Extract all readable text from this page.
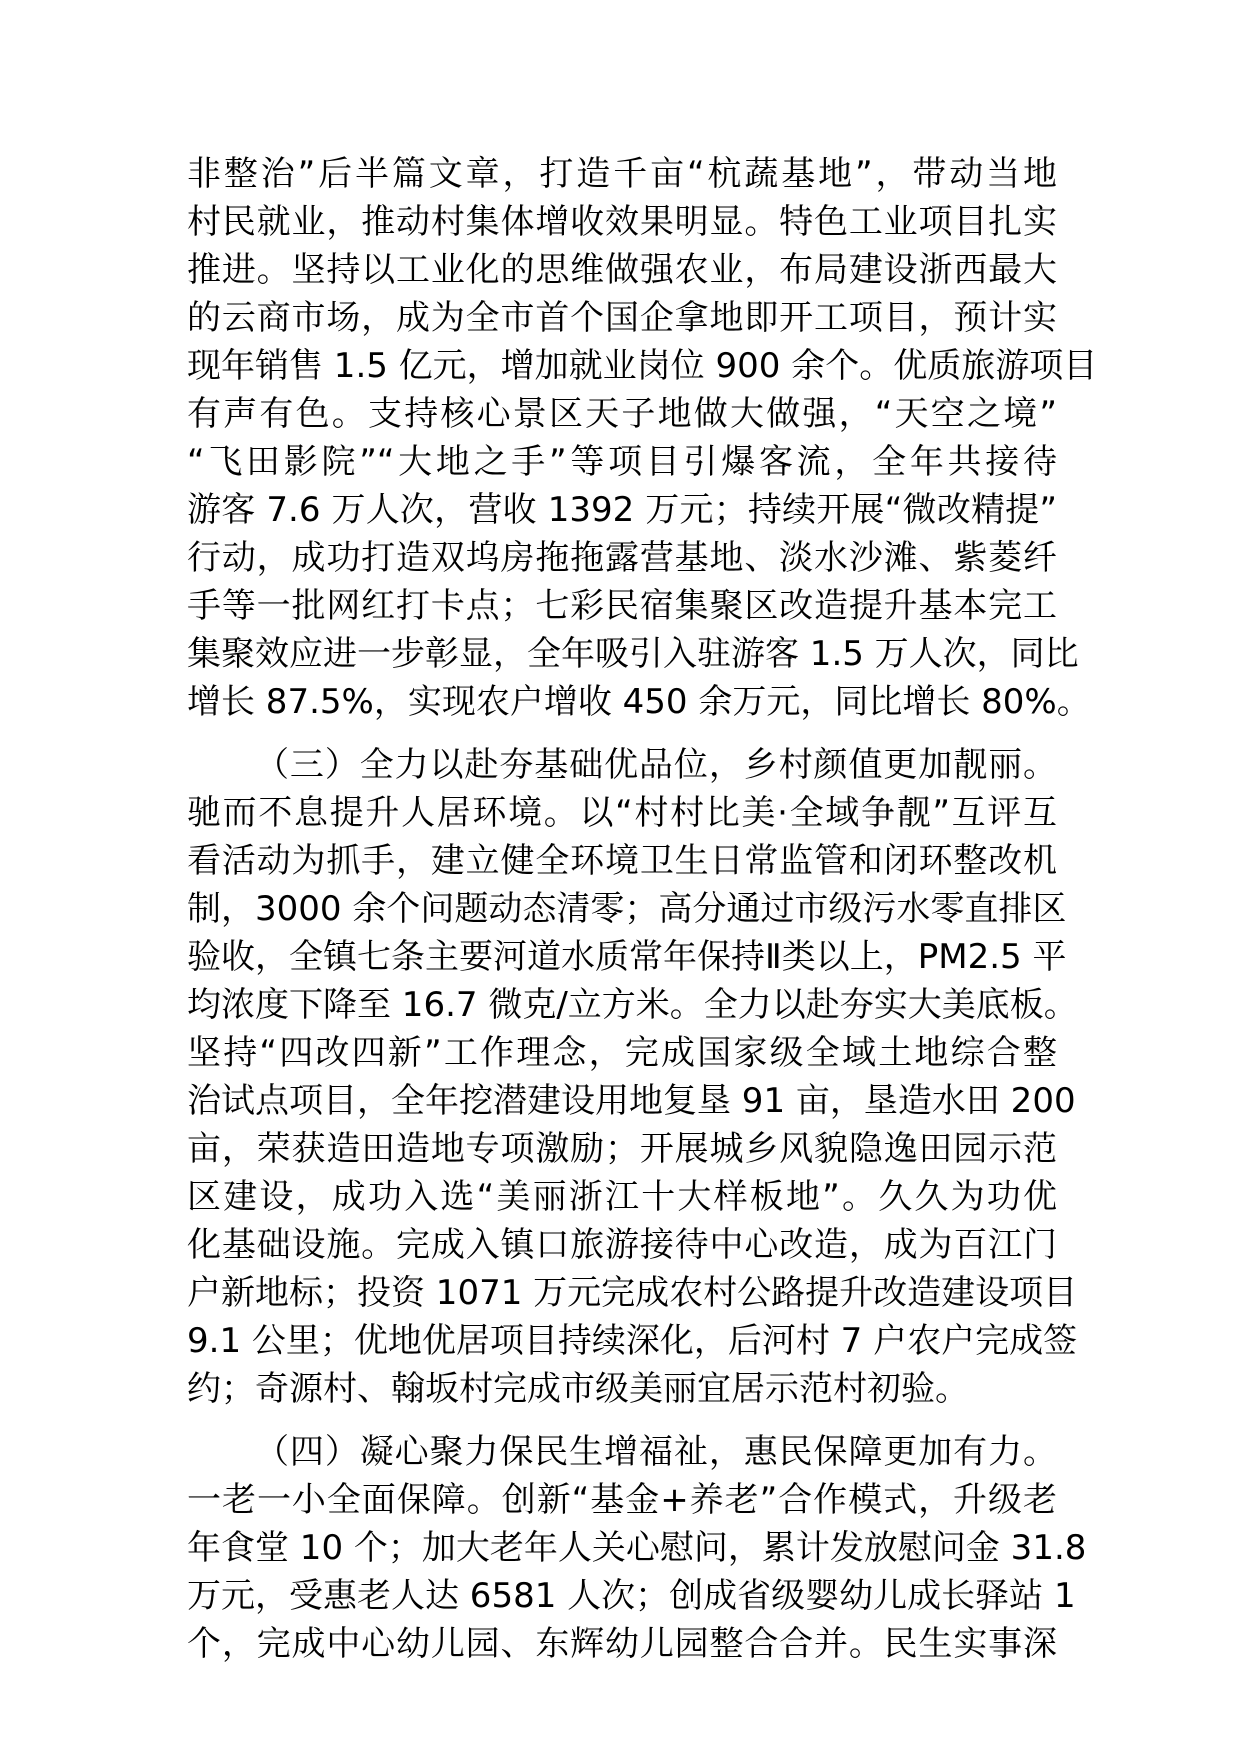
非整治”后半篇文章，打造千亩“杭蔬基地”，带动当地
村民就业，推动村集体增收效果明显。特色工业项目扎实
推进。坚持以工业化的思维做强农业，布局建设浙西最大
的云商市场，成为全市首个国企拿地即开工项目，预计实
现年销售 1.5 亿元，增加就业岗位 900 余个。优质旅游项目
有声有色。支持核心景区天子地做大做强，“天空之境”
“飞田影院”“大地之手”等项目引爆客流，全年共接待
游客 7.6 万人次，营收 1392 万元；持续开展“微改精提”
行动，成功打造双坞房拖拖露营基地、淡水沙滩、紫菱纤
手等一批网红打卡点；七彩民宿集聚区改造提升基本完工
集聚效应进一步彰显，全年吸引入驻游客 1.5 万人次，同比
增长 87.5%，实现农户增收 450 余万元，同比增长 80%。
（三）全力以赴夯基础优品位，乡村颜值更加靓丽。
驰而不息提升人居环境。以“村村比美·全域争靓”互评互
看活动为抓手，建立健全环境卫生日常监管和闭环整改机
制，3000 余个问题动态清零；高分通过市级污水零直排区
验收，全镇七条主要河道水质常年保持Ⅱ类以上，PM2.5 平
均浓度下降至 16.7 微克/立方米。全力以赴夯实大美底板。
坚持“四改四新”工作理念，完成国家级全域土地综合整
治试点项目，全年挖潜建设用地复垦 91 亩，垦造水田 200
亩，荣获造田造地专项激励；开展城乡风貌隐逸田园示范
区建设，成功入选“美丽浙江十大样板地”。久久为功优
化基础设施。完成入镇口旅游接待中心改造，成为百江门
户新地标；投资 1071 万元完成农村公路提升改造建设项目
9.1 公里；优地优居项目持续深化，后河村 7 户农户完成签
约；奇源村、翰坂村完成市级美丽宜居示范村初验。
（四）凝心聚力保民生增福祉，惠民保障更加有力。
一老一小全面保障。创新“基金+养老”合作模式，升级老
年食堂 10 个；加大老年人关心慰问，累计发放慰问金 31.8
万元，受惠老人达 6581 人次；创成省级婴幼儿成长驿站 1
个，完成中心幼儿园、东辉幼儿园整合合并。民生实事深
